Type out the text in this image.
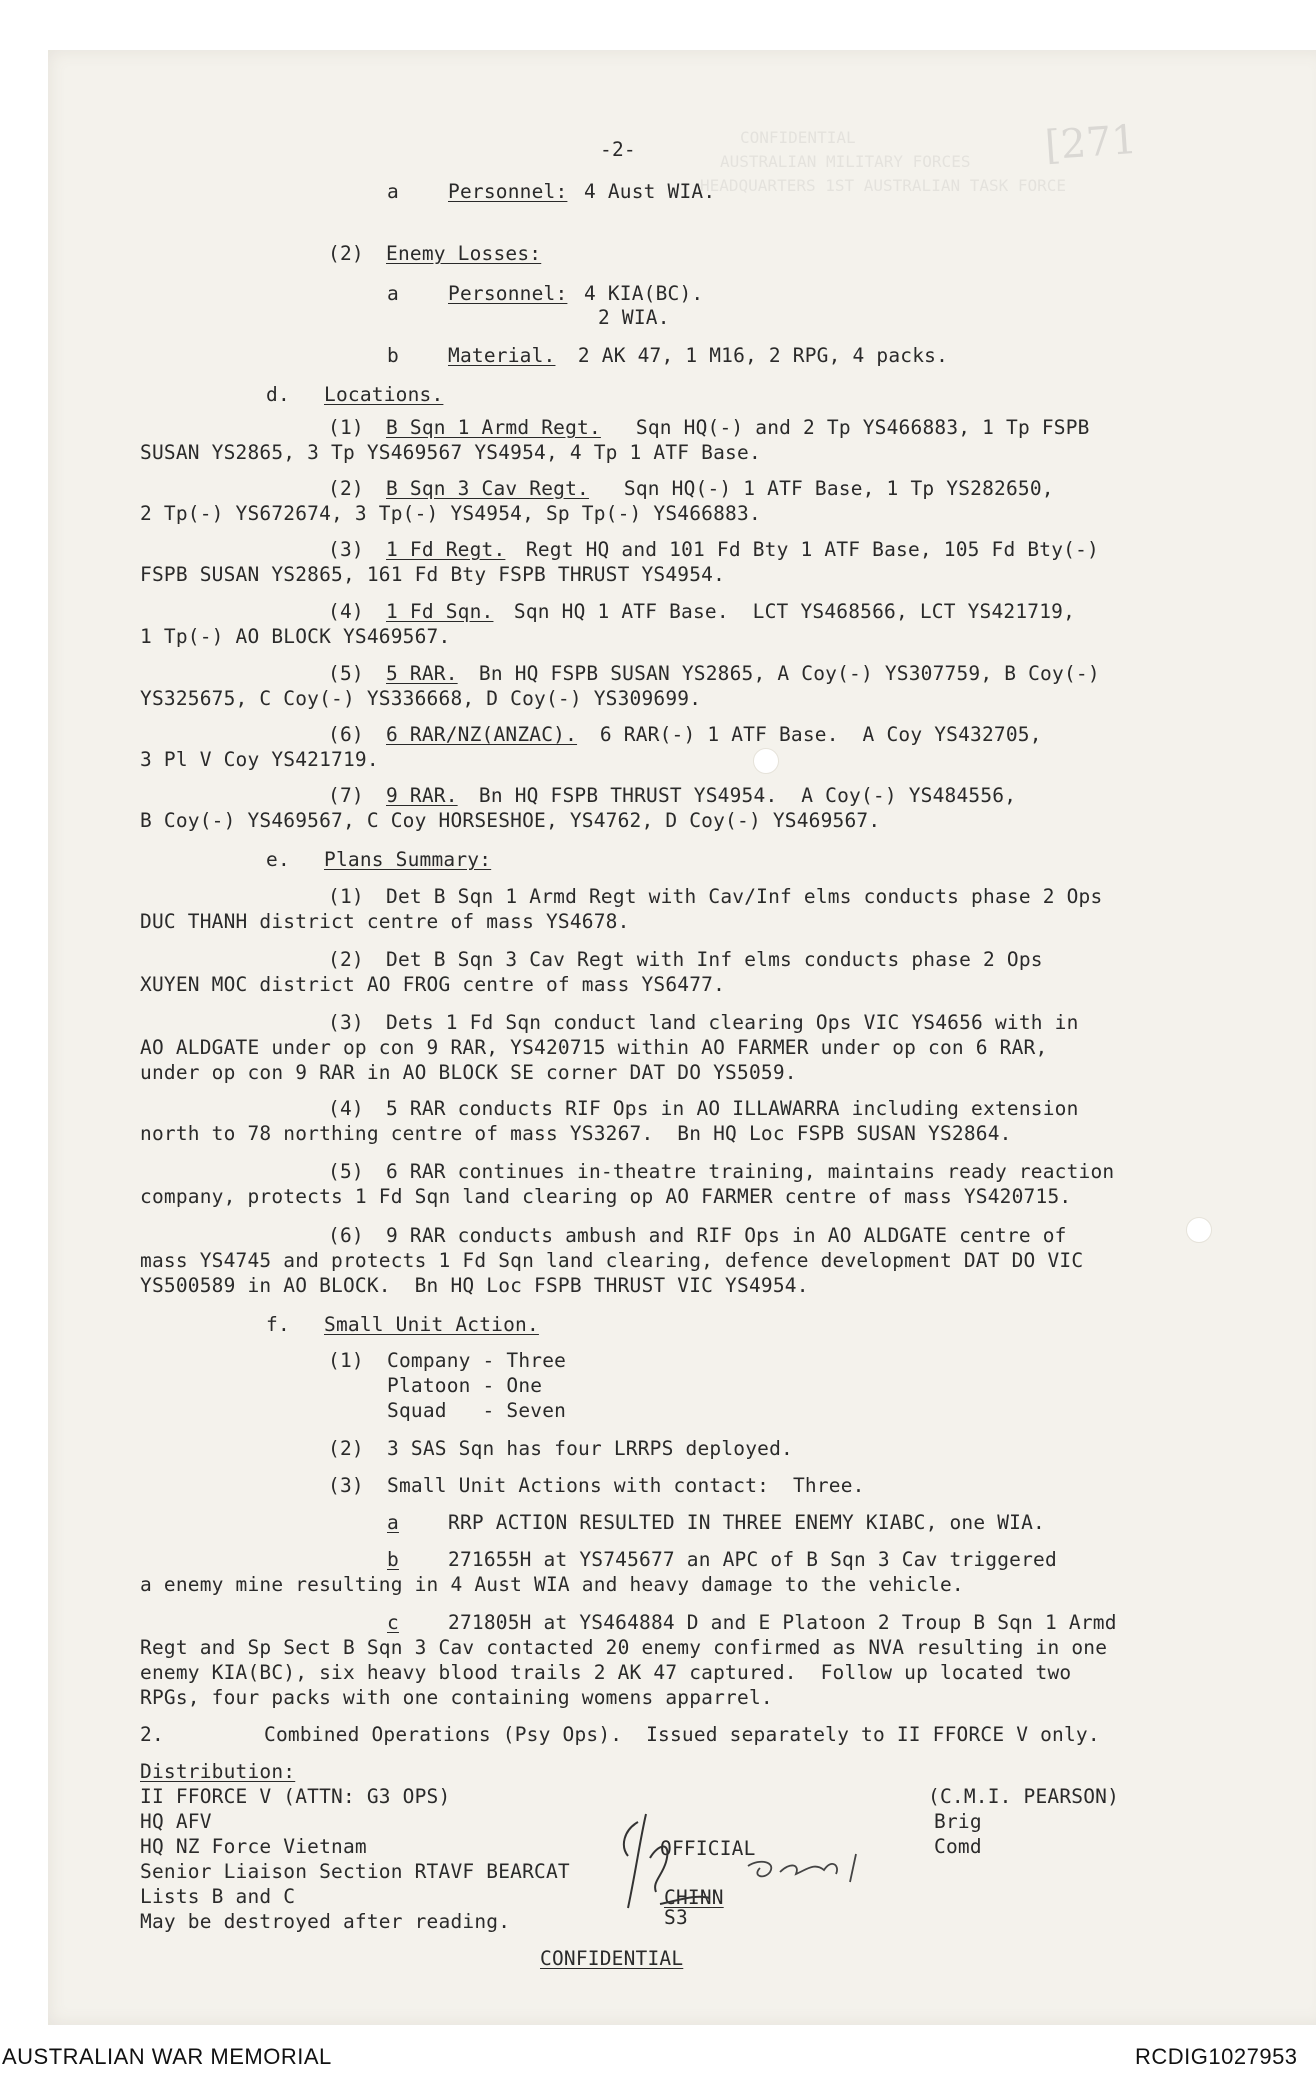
CONFIDENTIAL
AUSTRALIAN MILITARY FORCES
HEADQUARTERS 1ST AUSTRALIAN TASK FORCE
[271
-2-
a	Personnel: 4 Aust WIA.
(2) Enemy Losses:
a	Personnel: 4 KIA(BC).
2 WIA.
b	Material.
2 AK 47, 1 M16, 2 RPG, 4 packs.
d. Locations.
(1) B Sqn 1 Armd Regt. Sqn HQ(-) and 2 Tp YS466883, 1 Tp FSPB
SUSAN YS2865, 3 Tp YS469567 YS4954, 4 Tp 1 ATF Base.
(2) B Sqn 3 Cav Regt. Sqn HQ(-) 1 ATF Base, 1 Tp YS282650,
2 Tp(-) YS672674, 3 Tp(-) YS4954, Sp Tp(-) YS466883.
(3) 1 Fd Regt.
Regt HQ and 101 Fd Bty 1 ATF Base, 105 Fd Bty(-)
FSPB SUSAN YS2865, 161 Fd Bty FSPB THRUST YS4954.
(4) 1 Fd Sqn.
Sqn HQ 1 ATF Base.  LCT YS468566, LCT YS421719,
1 Tp(-) AO BLOCK YS469567.
(5) 5 RAR.
Bn HQ FSPB SUSAN YS2865, A Coy(-) YS307759, B Coy(-)
YS325675, C Coy(-) YS336668, D Coy(-) YS309699.
(6) 6 RAR/NZ(ANZAC).
6 RAR(-) 1 ATF Base.  A Coy YS432705,
3 Pl V Coy YS421719.
(7) 9 RAR.
Bn HQ FSPB THRUST YS4954.  A Coy(-) YS484556,
B Coy(-) YS469567, C Coy HORSESHOE, YS4762, D Coy(-) YS469567.
e. Plans Summary:
(1) Det B Sqn 1 Armd Regt with Cav/Inf elms conducts phase 2 Ops
DUC THANH district centre of mass YS4678.
(2) Det B Sqn 3 Cav Regt with Inf elms conducts phase 2 Ops
XUYEN MOC district AO FROG centre of mass YS6477.
(3) Dets 1 Fd Sqn conduct land clearing Ops VIC YS4656 with in
AO ALDGATE under op con 9 RAR, YS420715 within AO FARMER under op con 6 RAR,
under op con 9 RAR in AO BLOCK SE corner DAT DO YS5059.
(4) 5 RAR conducts RIF Ops in AO ILLAWARRA including extension
north to 78 northing centre of mass YS3267.  Bn HQ Loc FSPB SUSAN YS2864.
(5) 6 RAR continues in-theatre training, maintains ready reaction
company, protects 1 Fd Sqn land clearing op AO FARMER centre of mass YS420715.
(6) 9 RAR conducts ambush and RIF Ops in AO ALDGATE centre of
mass YS4745 and protects 1 Fd Sqn land clearing, defence development DAT DO VIC
YS500589 in AO BLOCK.  Bn HQ Loc FSPB THRUST VIC YS4954.
f. Small Unit Action.
(1) Company - Three
Platoon - One
Squad   - Seven
(2) 3 SAS Sqn has four LRRPS deployed.
(3) Small Unit Actions with contact:  Three.
a	RRP ACTION RESULTED IN THREE ENEMY KIABC, one WIA.
b	271655H at YS745677 an APC of B Sqn 3 Cav triggered
a enemy mine resulting in 4 Aust WIA and heavy damage to the vehicle.
c	271805H at YS464884 D and E Platoon 2 Troup B Sqn 1 Armd
Regt and Sp Sect B Sqn 3 Cav contacted 20 enemy confirmed as NVA resulting in one
enemy KIA(BC), six heavy blood trails 2 AK 47 captured.  Follow up located two
RPGs, four packs with one containing womens apparrel.
2.	Combined Operations (Psy Ops).  Issued separately to II FFORCE V only.
Distribution:
II FFORCE V (ATTN: G3 OPS)
HQ AFV
HQ NZ Force Vietnam
Senior Liaison Section RTAVF BEARCAT
Lists B and C
May be destroyed after reading.
(C.M.I. PEARSON)
Brig
Comd
OFFICIAL
CHINN
S3
CONFIDENTIAL
AUSTRALIAN WAR MEMORIAL	RCDIG1027953
